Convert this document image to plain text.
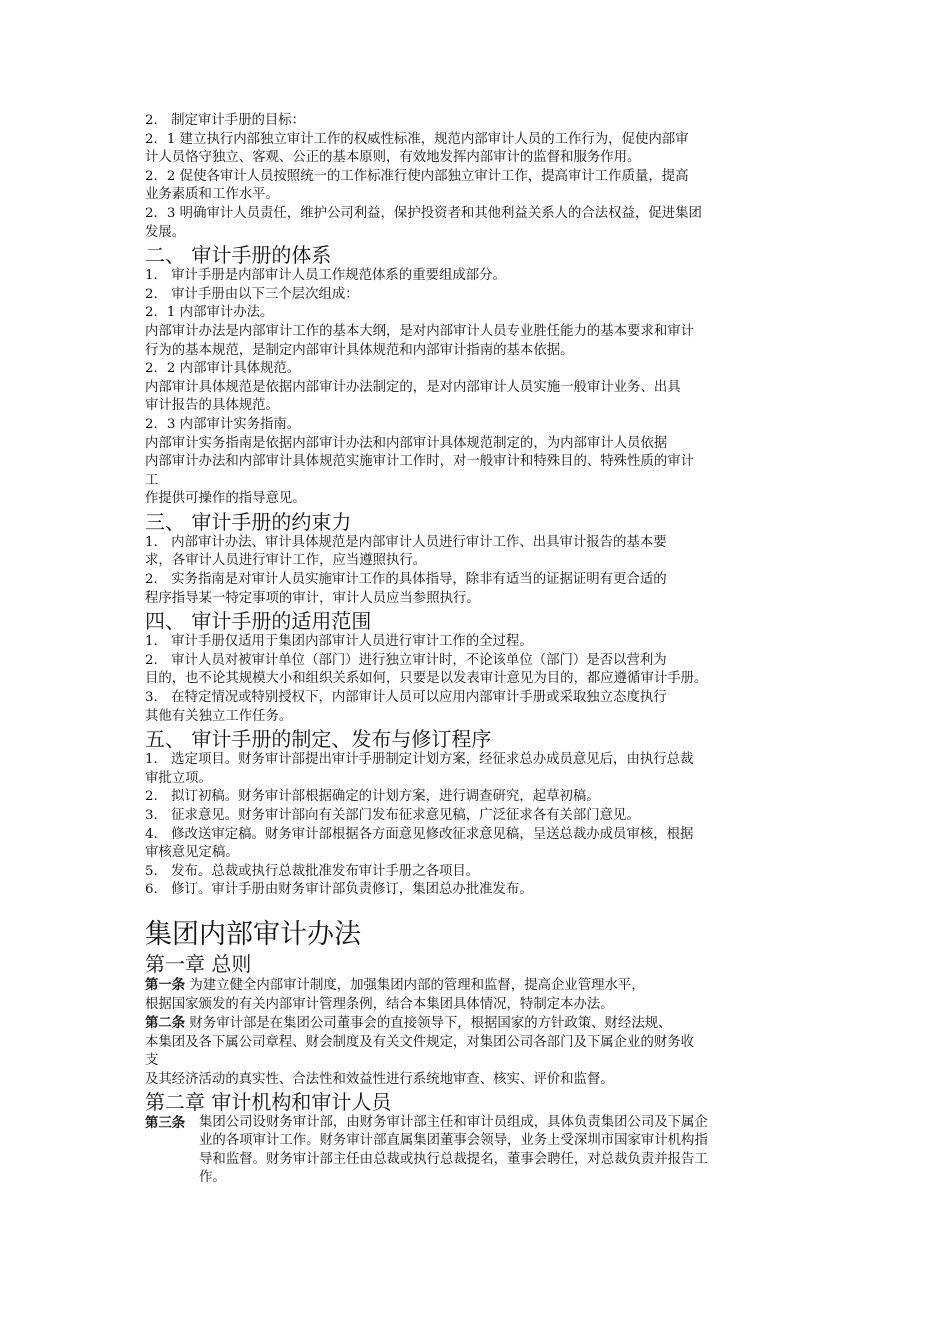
2． 制定审计手册的目标：

2．1 建立执行内部独立审计工作的权威性标准，规范内部审计人员的工作行为，促使内部审
计人员恪守独立、客观、公正的基本原则，有效地发挥内部审计的监督和服务作用。

2．2 促使各审计人员按照统一的工作标准行使内部独立审计工作，提高审计工作质量，提高
业务素质和工作水平。

2．3 明确审计人员责任，维护公司利益，保护投资者和其他利益关系人的合法权益，促进集团
发展。

二、 审计手册的体系

1． 审计手册是内部审计人员工作规范体系的重要组成部分。

2． 审计手册由以下三个层次组成：

2．1 内部审计办法。

内部审计办法是内部审计工作的基本大纲，是对内部审计人员专业胜任能力的基本要求和审计
行为的基本规范，是制定内部审计具体规范和内部审计指南的基本依据。

2．2 内部审计具体规范。

内部审计具体规范是依据内部审计办法制定的，是对内部审计人员实施一般审计业务、出具
审计报告的具体规范。

2．3 内部审计实务指南。

内部审计实务指南是依据内部审计办法和内部审计具体规范制定的，为内部审计人员依据
内部审计办法和内部审计具体规范实施审计工作时，对一般审计和特殊目的、特殊性质的审计
工
作提供可操作的指导意见。

三、 审计手册的约束力

1． 内部审计办法、审计具体规范是内部审计人员进行审计工作、出具审计报告的基本要
求，各审计人员进行审计工作，应当遵照执行。

2． 实务指南是对审计人员实施审计工作的具体指导，除非有适当的证据证明有更合适的
程序指导某一特定事项的审计，审计人员应当参照执行。

四、 审计手册的适用范围

1． 审计手册仅适用于集团内部审计人员进行审计工作的全过程。

2． 审计人员对被审计单位（部门）进行独立审计时，不论该单位（部门）是否以营利为
目的，也不论其规模大小和组织关系如何，只要是以发表审计意见为目的，都应遵循审计手册。

3． 在特定情况或特别授权下，内部审计人员可以应用内部审计手册或采取独立态度执行
其他有关独立工作任务。

五、 审计手册的制定、发布与修订程序

1． 选定项目。财务审计部提出审计手册制定计划方案，经征求总办成员意见后，由执行总裁
审批立项。

2． 拟订初稿。财务审计部根据确定的计划方案，进行调查研究，起草初稿。

3． 征求意见。财务审计部向有关部门发布征求意见稿，广泛征求各有关部门意见。

4． 修改送审定稿。财务审计部根据各方面意见修改征求意见稿，呈送总裁办成员审核，根据
审核意见定稿。

5． 发布。总裁或执行总裁批准发布审计手册之各项目。

6． 修订。审计手册由财务审计部负责修订，集团总办批准发布。

集团内部审计办法
第一章 总则

第一条 为建立健全内部审计制度，加强集团内部的管理和监督，提高企业管理水平，
根据国家颁发的有关内部审计管理条例，结合本集团具体情况，特制定本办法。

第二条 财务审计部是在集团公司董事会的直接领导下，根据国家的方针政策、财经法规、
本集团及各下属公司章程、财会制度及有关文件规定，对集团公司各部门及下属企业的财务收
支
及其经济活动的真实性、合法性和效益性进行系统地审查、核实、评价和监督。

第二章 审计机构和审计人员
第三条	集团公司设财务审计部，由财务审计部主任和审计员组成，具体负责集团公司及下属企
业的各项审计工作。财务审计部直属集团董事会领导，业务上受深圳市国家审计机构指
导和监督。财务审计部主任由总裁或执行总裁提名，董事会聘任，对总裁负责并报告工
作。
